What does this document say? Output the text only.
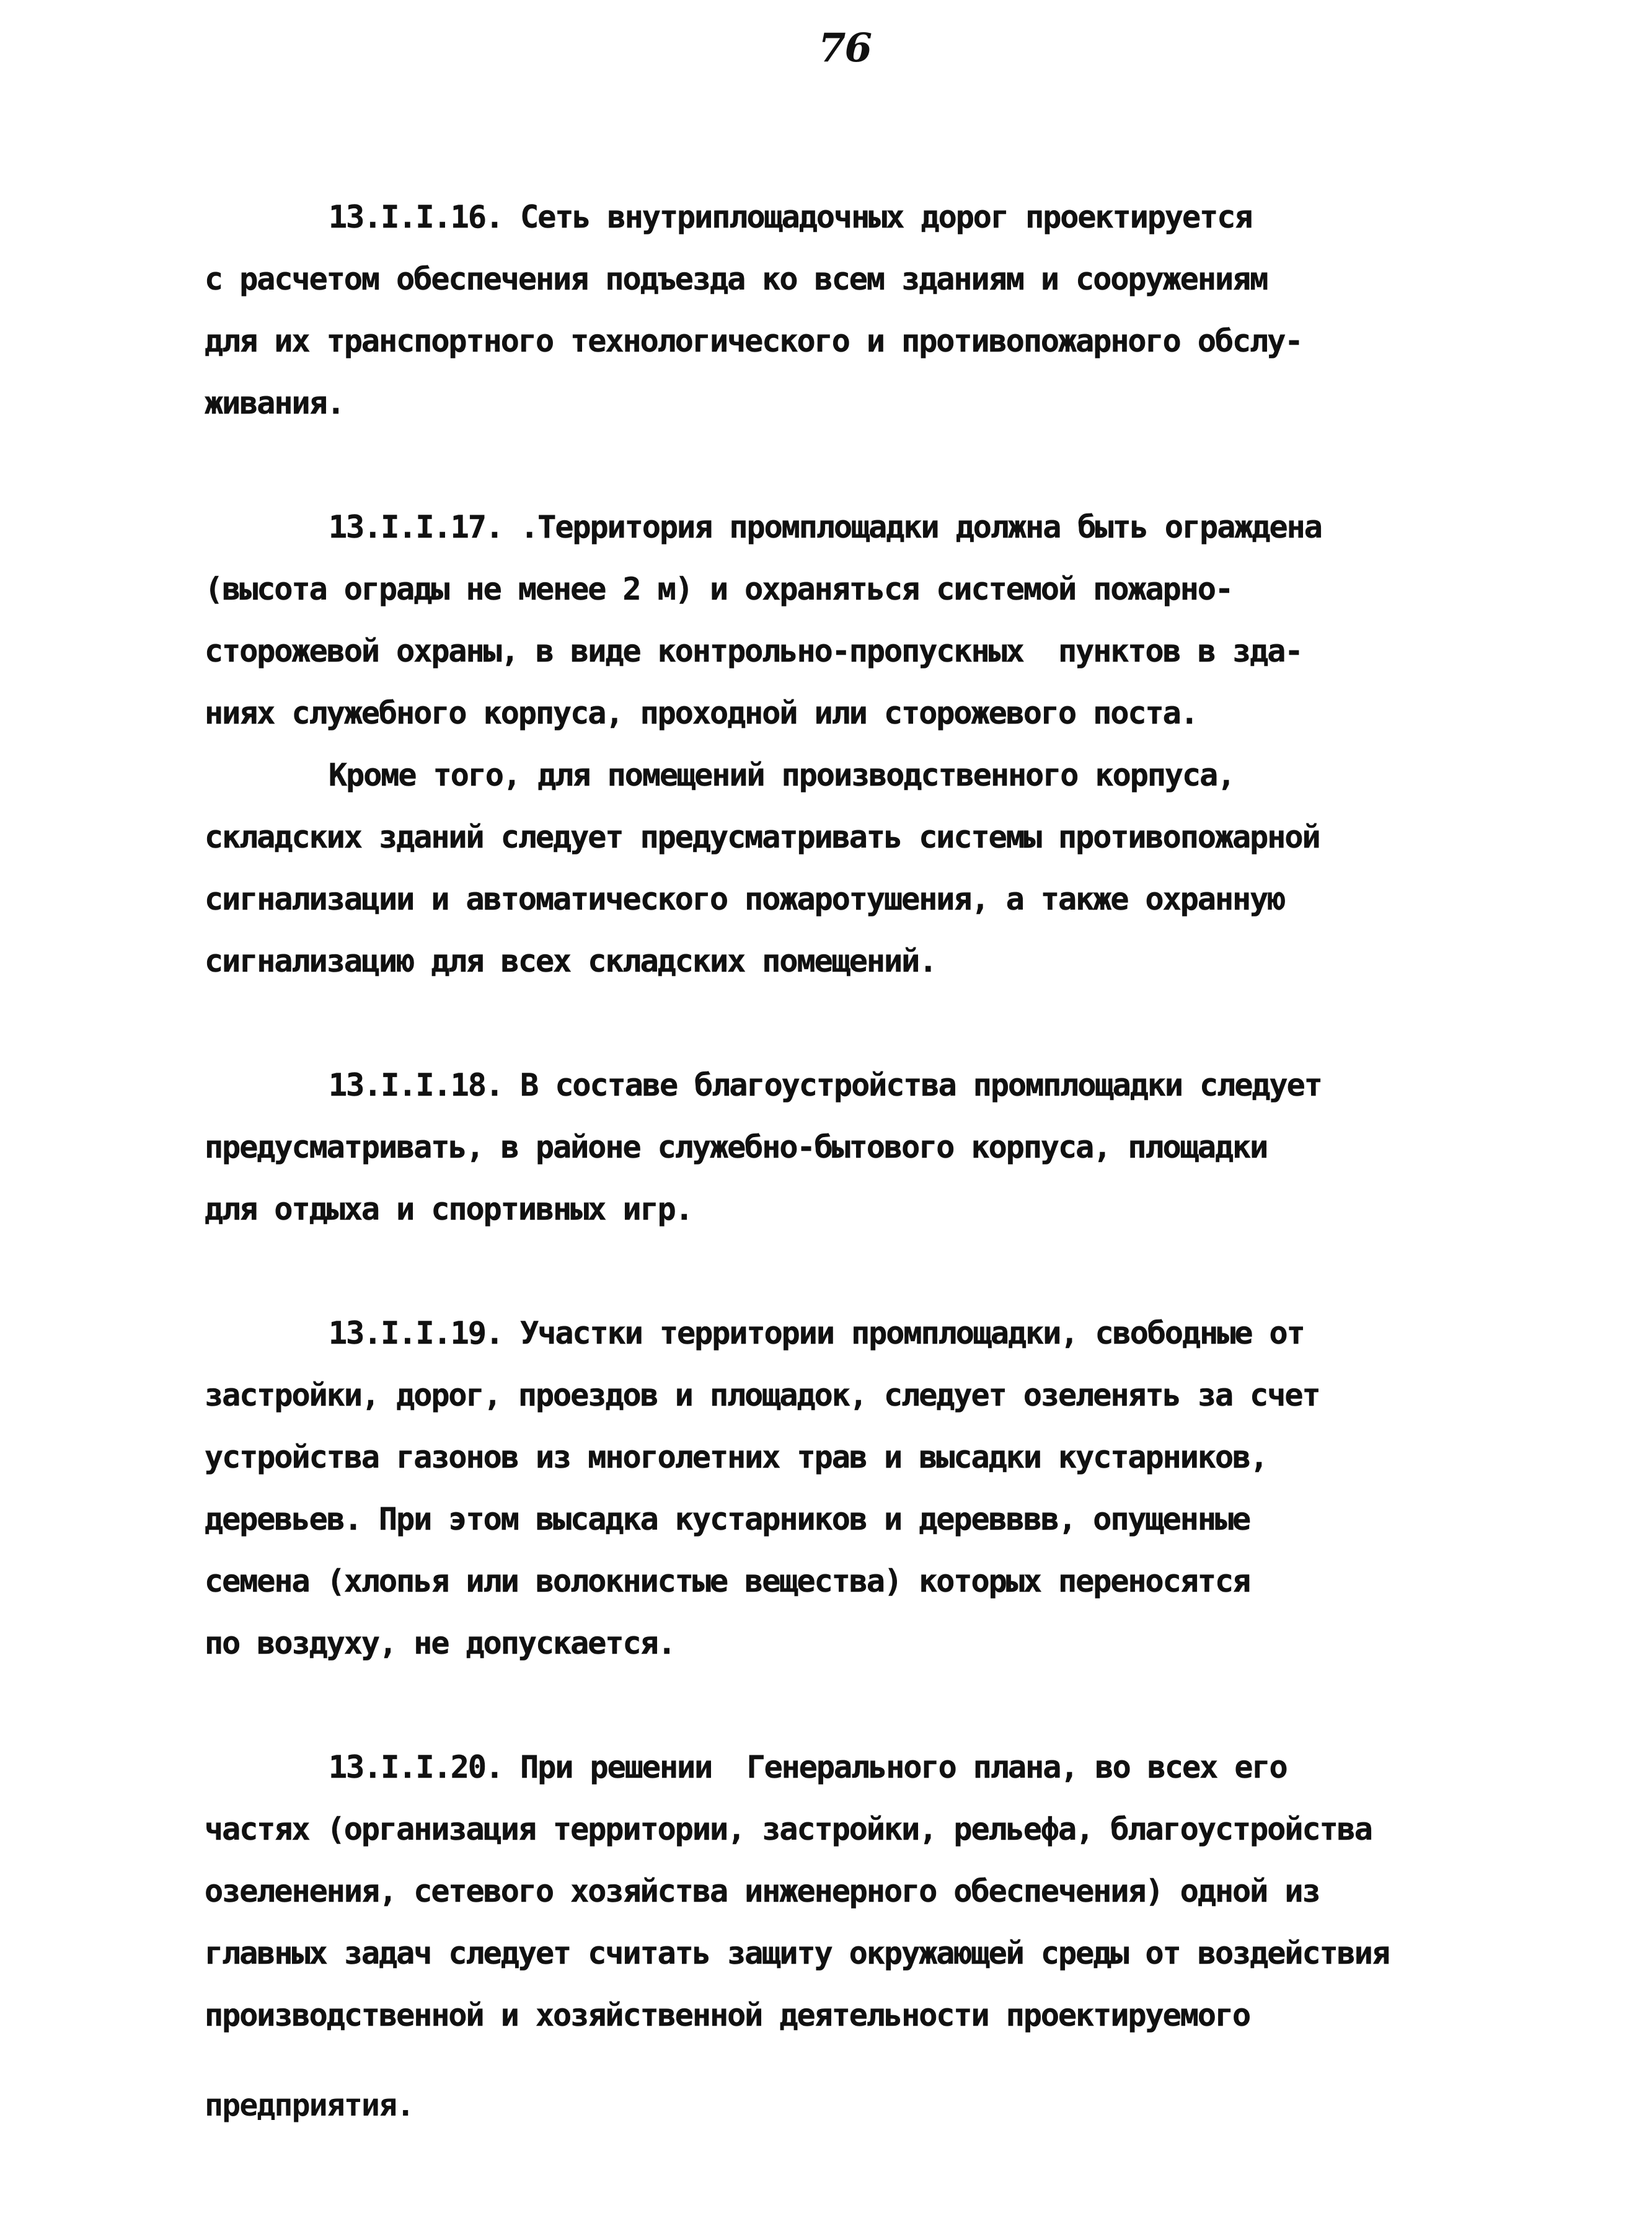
76
13.I.I.16. Сеть внутриплощадочных дорог проектируется
с расчетом обеспечения подъезда ко всем зданиям и сооружениям
для их транспортного технологического и противопожарного обслу-
живания.
13.I.I.17. .Территория промплощадки должна быть ограждена
(высота ограды не менее 2 м) и охраняться системой пожарно-
сторожевой охраны, в виде контрольно-пропускных  пунктов в зда-
ниях служебного корпуса, проходной или сторожевого поста.
Кроме того, для помещений производственного корпуса,
складских зданий следует предусматривать системы противопожарной
сигнализации и автоматического пожаротушения, а также охранную
сигнализацию для всех складских помещений.
13.I.I.18. В составе благоустройства промплощадки следует
предусматривать, в районе служебно-бытового корпуса, площадки
для отдыха и спортивных игр.
13.I.I.19. Участки территории промплощадки, свободные от
застройки, дорог, проездов и площадок, следует озеленять за счет
устройства газонов из многолетних трав и высадки кустарников,
деревьев. При этом высадка кустарников и деревввв, опущенные
семена (хлопья или волокнистые вещества) которых переносятся
по воздуху, не допускается.
13.I.I.20. При решении  Генерального плана, во всех его
частях (организация территории, застройки, рельефа, благоустройства
озеленения, сетевого хозяйства инженерного обеспечения) одной из
главных задач следует считать защиту окружающей среды от воздействия
производственной и хозяйственной деятельности проектируемого
предприятия.
